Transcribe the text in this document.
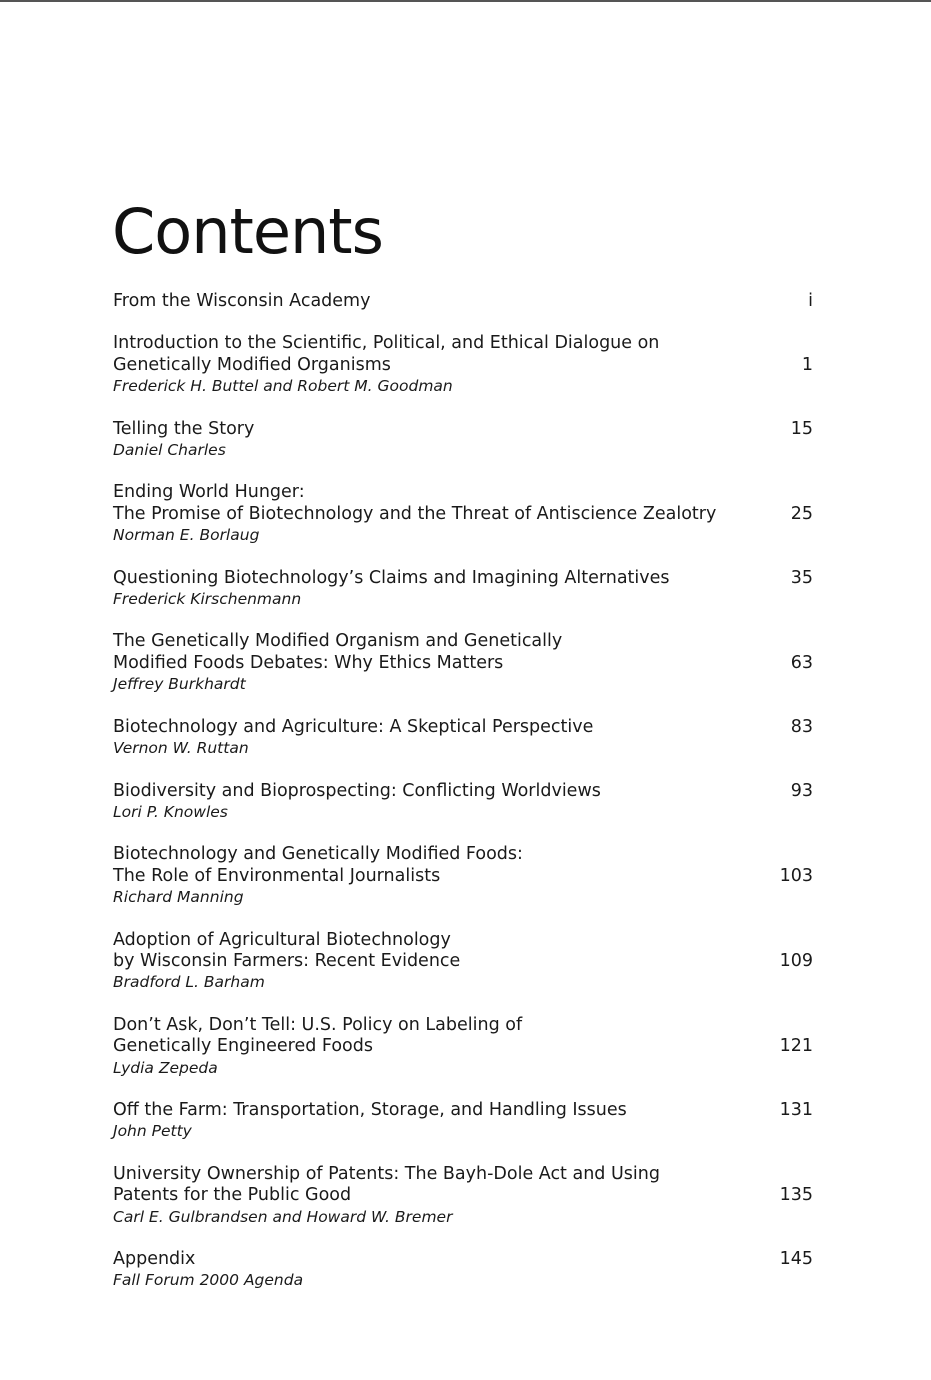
Contents
From the Wisconsin Academy	i
Introduction to the Scientific, Political, and Ethical Dialogue on
Genetically Modified Organisms
Frederick H. Buttel and Robert M. Goodman
1
Telling the Story
Daniel Charles
15
Ending World Hunger:
The Promise of Biotechnology and the Threat of Antiscience Zealotry
Norman E. Borlaug
25
Questioning Biotechnology’s Claims and Imagining Alternatives
Frederick Kirschenmann
35
The Genetically Modified Organism and Genetically
Modified Foods Debates: Why Ethics Matters
Jeffrey Burkhardt
63
Biotechnology and Agriculture: A Skeptical Perspective
Vernon W. Ruttan
83
Biodiversity and Bioprospecting: Conflicting Worldviews
Lori P. Knowles
93
Biotechnology and Genetically Modified Foods:
The Role of Environmental Journalists
Richard Manning
103
Adoption of Agricultural Biotechnology
by Wisconsin Farmers: Recent Evidence
Bradford L. Barham
109
Don’t Ask, Don’t Tell: U.S. Policy on Labeling of
Genetically Engineered Foods
Lydia Zepeda
121
Off the Farm: Transportation, Storage, and Handling Issues
John Petty
131
University Ownership of Patents: The Bayh-Dole Act and Using
Patents for the Public Good
Carl E. Gulbrandsen and Howard W. Bremer
135
Appendix
Fall Forum 2000 Agenda
145
